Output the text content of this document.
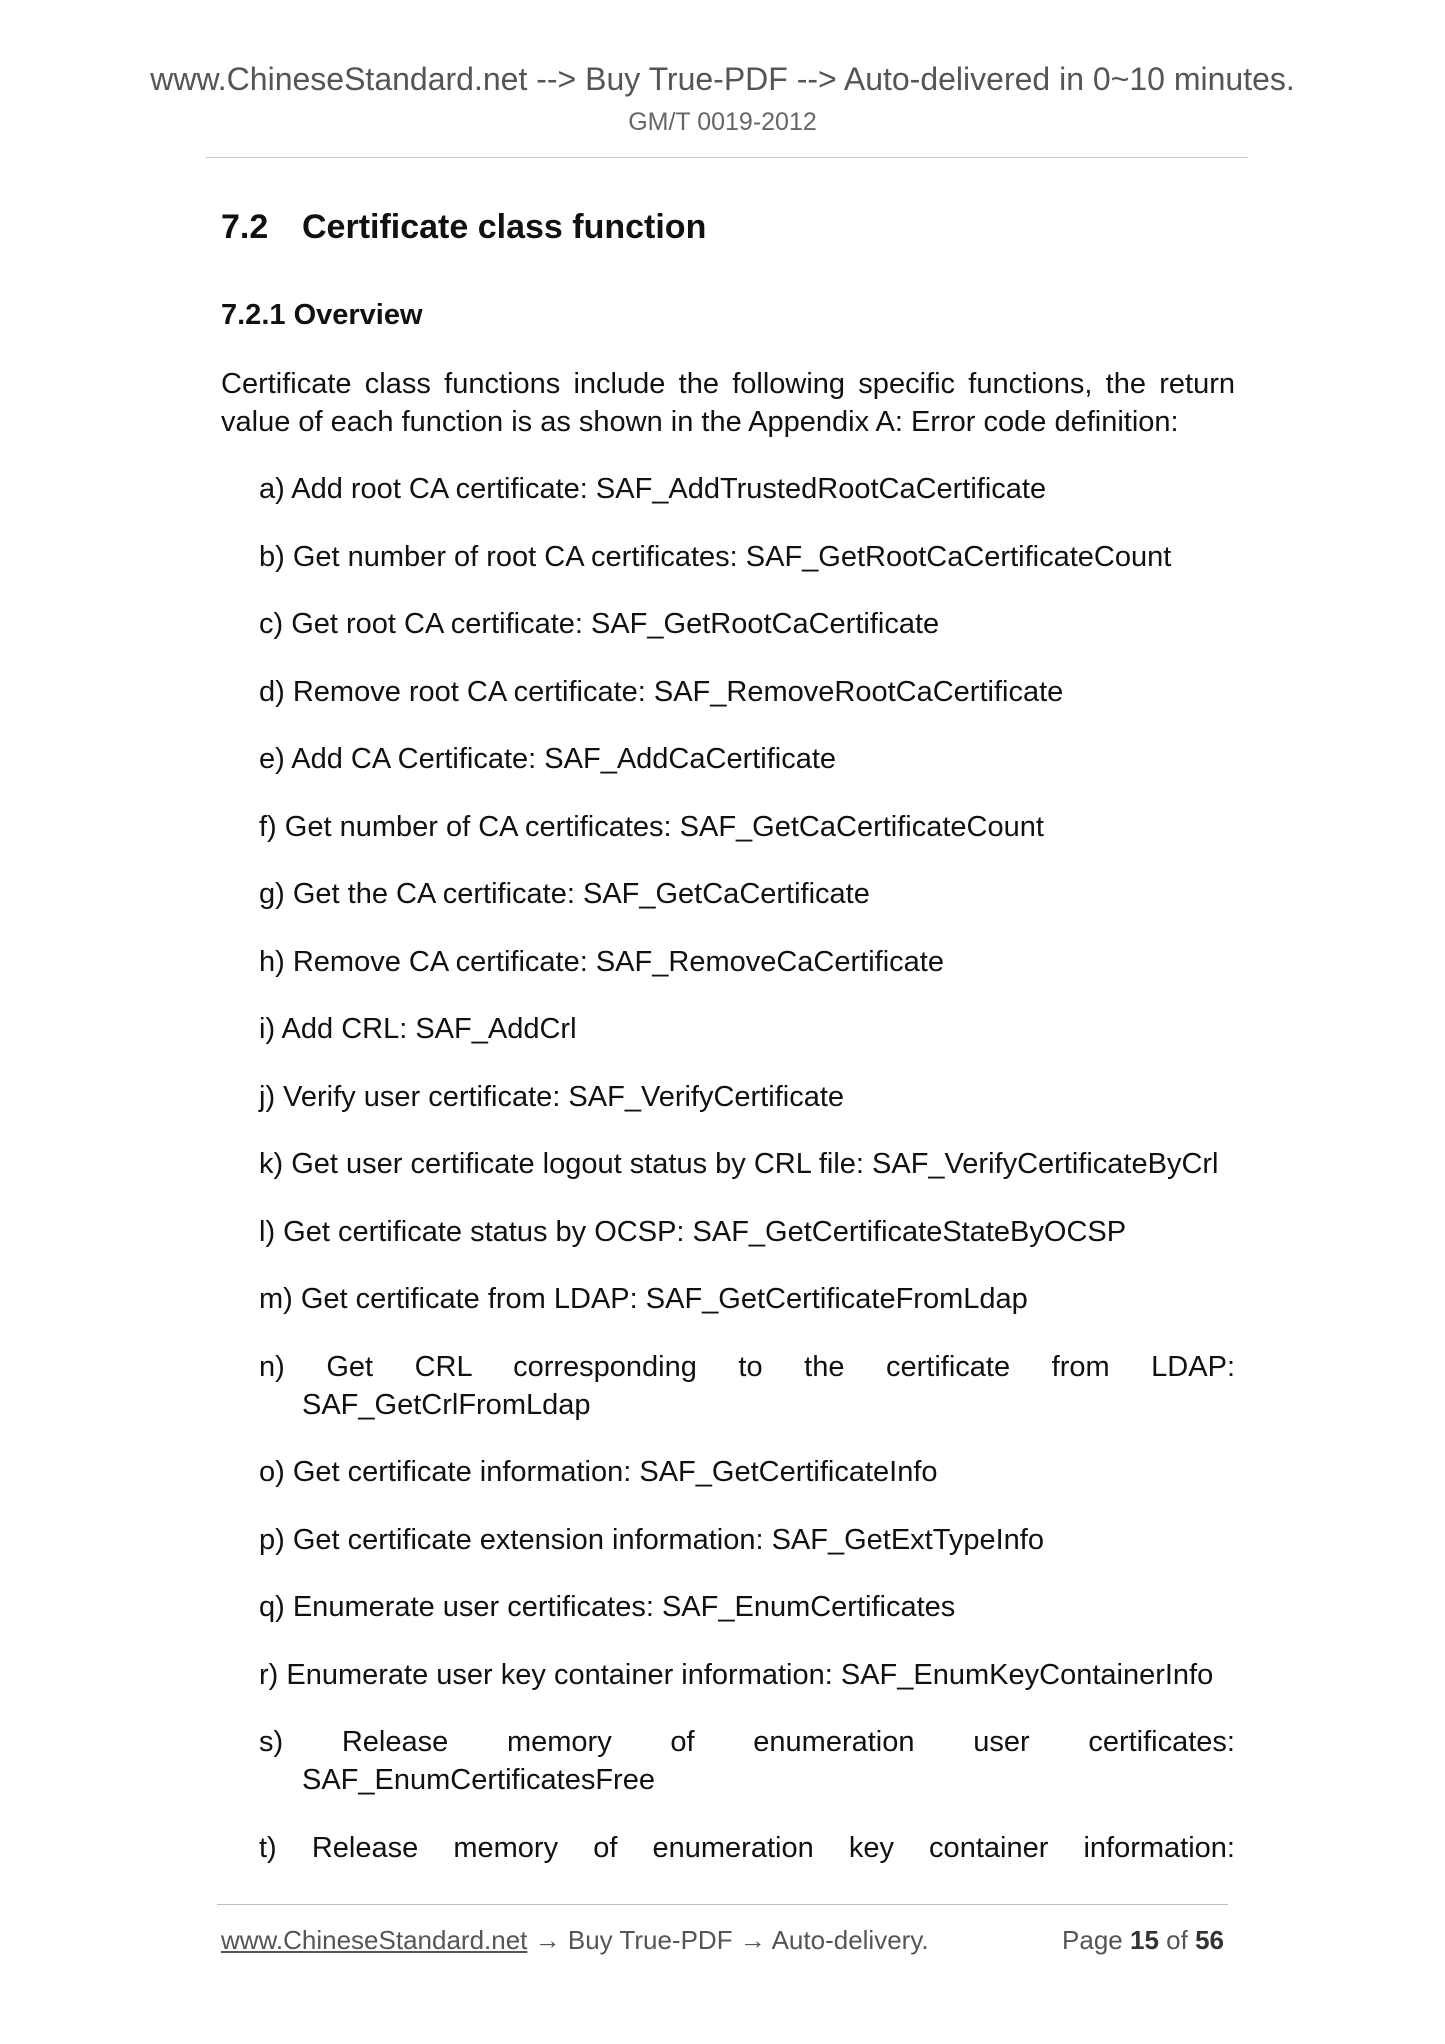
www.ChineseStandard.net --> Buy True-PDF --> Auto-delivered in 0~10 minutes.
GM/T 0019-2012
7.2 Certificate class function
7.2.1 Overview

Certificate class functions include the following specific functions, the return value of each function is as shown in the Appendix A: Error code definition:

a) Add root CA certificate: SAF_AddTrustedRootCaCertificate

b) Get number of root CA certificates: SAF_GetRootCaCertificateCount

c) Get root CA certificate: SAF_GetRootCaCertificate

d) Remove root CA certificate: SAF_RemoveRootCaCertificate

e) Add CA Certificate: SAF_AddCaCertificate

f) Get number of CA certificates: SAF_GetCaCertificateCount

g) Get the CA certificate: SAF_GetCaCertificate

h) Remove CA certificate: SAF_RemoveCaCertificate

i) Add CRL: SAF_AddCrl

j) Verify user certificate: SAF_VerifyCertificate

k) Get user certificate logout status by CRL file: SAF_VerifyCertificateByCrl

l) Get certificate status by OCSP: SAF_GetCertificateStateByOCSP

m) Get certificate from LDAP: SAF_GetCertificateFromLdap

n) Get CRL corresponding to the certificate from LDAP: SAF_GetCrlFromLdap

o) Get certificate information: SAF_GetCertificateInfo

p) Get certificate extension information: SAF_GetExtTypeInfo

q) Enumerate user certificates: SAF_EnumCertificates

r) Enumerate user key container information: SAF_EnumKeyContainerInfo

s) Release memory of enumeration user certificates: SAF_EnumCertificatesFree

t) Release memory of enumeration key container information:

www.ChineseStandard.net → Buy True-PDF → Auto-delivery.	Page 15 of 56
